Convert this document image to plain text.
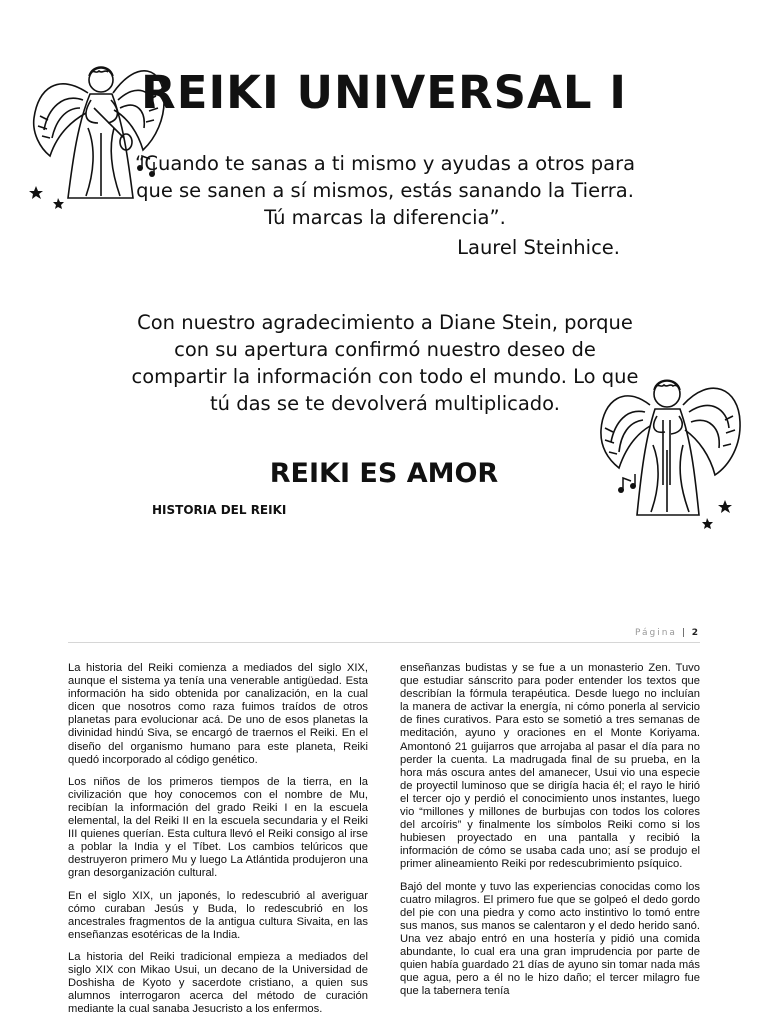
REIKI UNIVERSAL I
“Cuando te sanas a ti mismo y ayudas a otros para que se sanen a sí mismos, estás sanando la Tierra. Tú marcas la diferencia”.
Laurel Steinhice.
Con nuestro agradecimiento a Diane Stein, porque con su apertura confirmó nuestro deseo de compartir la información con todo el mundo. Lo que tú das se te devolverá multiplicado.
REIKI ES AMOR
HISTORIA DEL REIKI
Página | 2

La historia del Reiki comienza a mediados del siglo XIX, aunque el sistema ya tenía una venerable antigüedad. Esta información ha sido obtenida por canalización, en la cual dicen que nosotros como raza fuimos traídos de otros planetas para evolucionar acá. De uno de esos planetas la divinidad hindú Siva, se encargó de traernos el Reiki. En el diseño del organismo humano para este planeta, Reiki quedó incorporado al código genético.

Los niños de los primeros tiempos de la tierra, en la civilización que hoy conocemos con el nombre de Mu, recibían la información del grado Reiki I en la escuela elemental, la del Reiki II en la escuela secundaria y el Reiki III quienes querían. Esta cultura llevó el Reiki consigo al irse a poblar la India y el Tíbet. Los cambios telúricos que destruyeron primero Mu y luego La Atlántida produjeron una gran desorganización cultural.

En el siglo XIX, un japonés, lo redescubrió al averiguar cómo curaban Jesús y Buda, lo redescubrió en los ancestrales fragmentos de la antigua cultura Sivaita, en las enseñanzas esotéricas de la India.

La historia del Reiki tradicional empieza a mediados del siglo XIX con Mikao Usui, un decano de la Universidad de Doshisha de Kyoto y sacerdote cristiano, a quien sus alumnos interrogaron acerca del método de curación mediante la cual sanaba Jesucristo a los enfermos.

enseñanzas budistas y se fue a un monasterio Zen. Tuvo que estudiar sánscrito para poder entender los textos que describían la fórmula terapéutica. Desde luego no incluían la manera de activar la energía, ni cómo ponerla al servicio de fines curativos. Para esto se sometió a tres semanas de meditación, ayuno y oraciones en el Monte Koriyama. Amontonó 21 guijarros que arrojaba al pasar el día para no perder la cuenta. La madrugada final de su prueba, en la hora más oscura antes del amanecer, Usui vio una especie de proyectil luminoso que se dirigía hacia él; el rayo le hirió el tercer ojo y perdió el conocimiento unos instantes, luego vio “millones y millones de burbujas con todos los colores del arcoíris” y finalmente los símbolos Reiki como si los hubiesen proyectado en una pantalla y recibió la información de cómo se usaba cada uno; así se produjo el primer alineamiento Reiki por redescubrimiento psíquico.

Bajó del monte y tuvo las experiencias conocidas como los cuatro milagros. El primero fue que se golpeó el dedo gordo del pie con una piedra y como acto instintivo lo tomó entre sus manos, sus manos se calentaron y el dedo herido sanó. Una vez abajo entró en una hostería y pidió una comida abundante, lo cual era una gran imprudencia por parte de quien había guardado 21 días de ayuno sin tomar nada más que agua, pero a él no le hizo daño; el tercer milagro fue que la tabernera tenía
